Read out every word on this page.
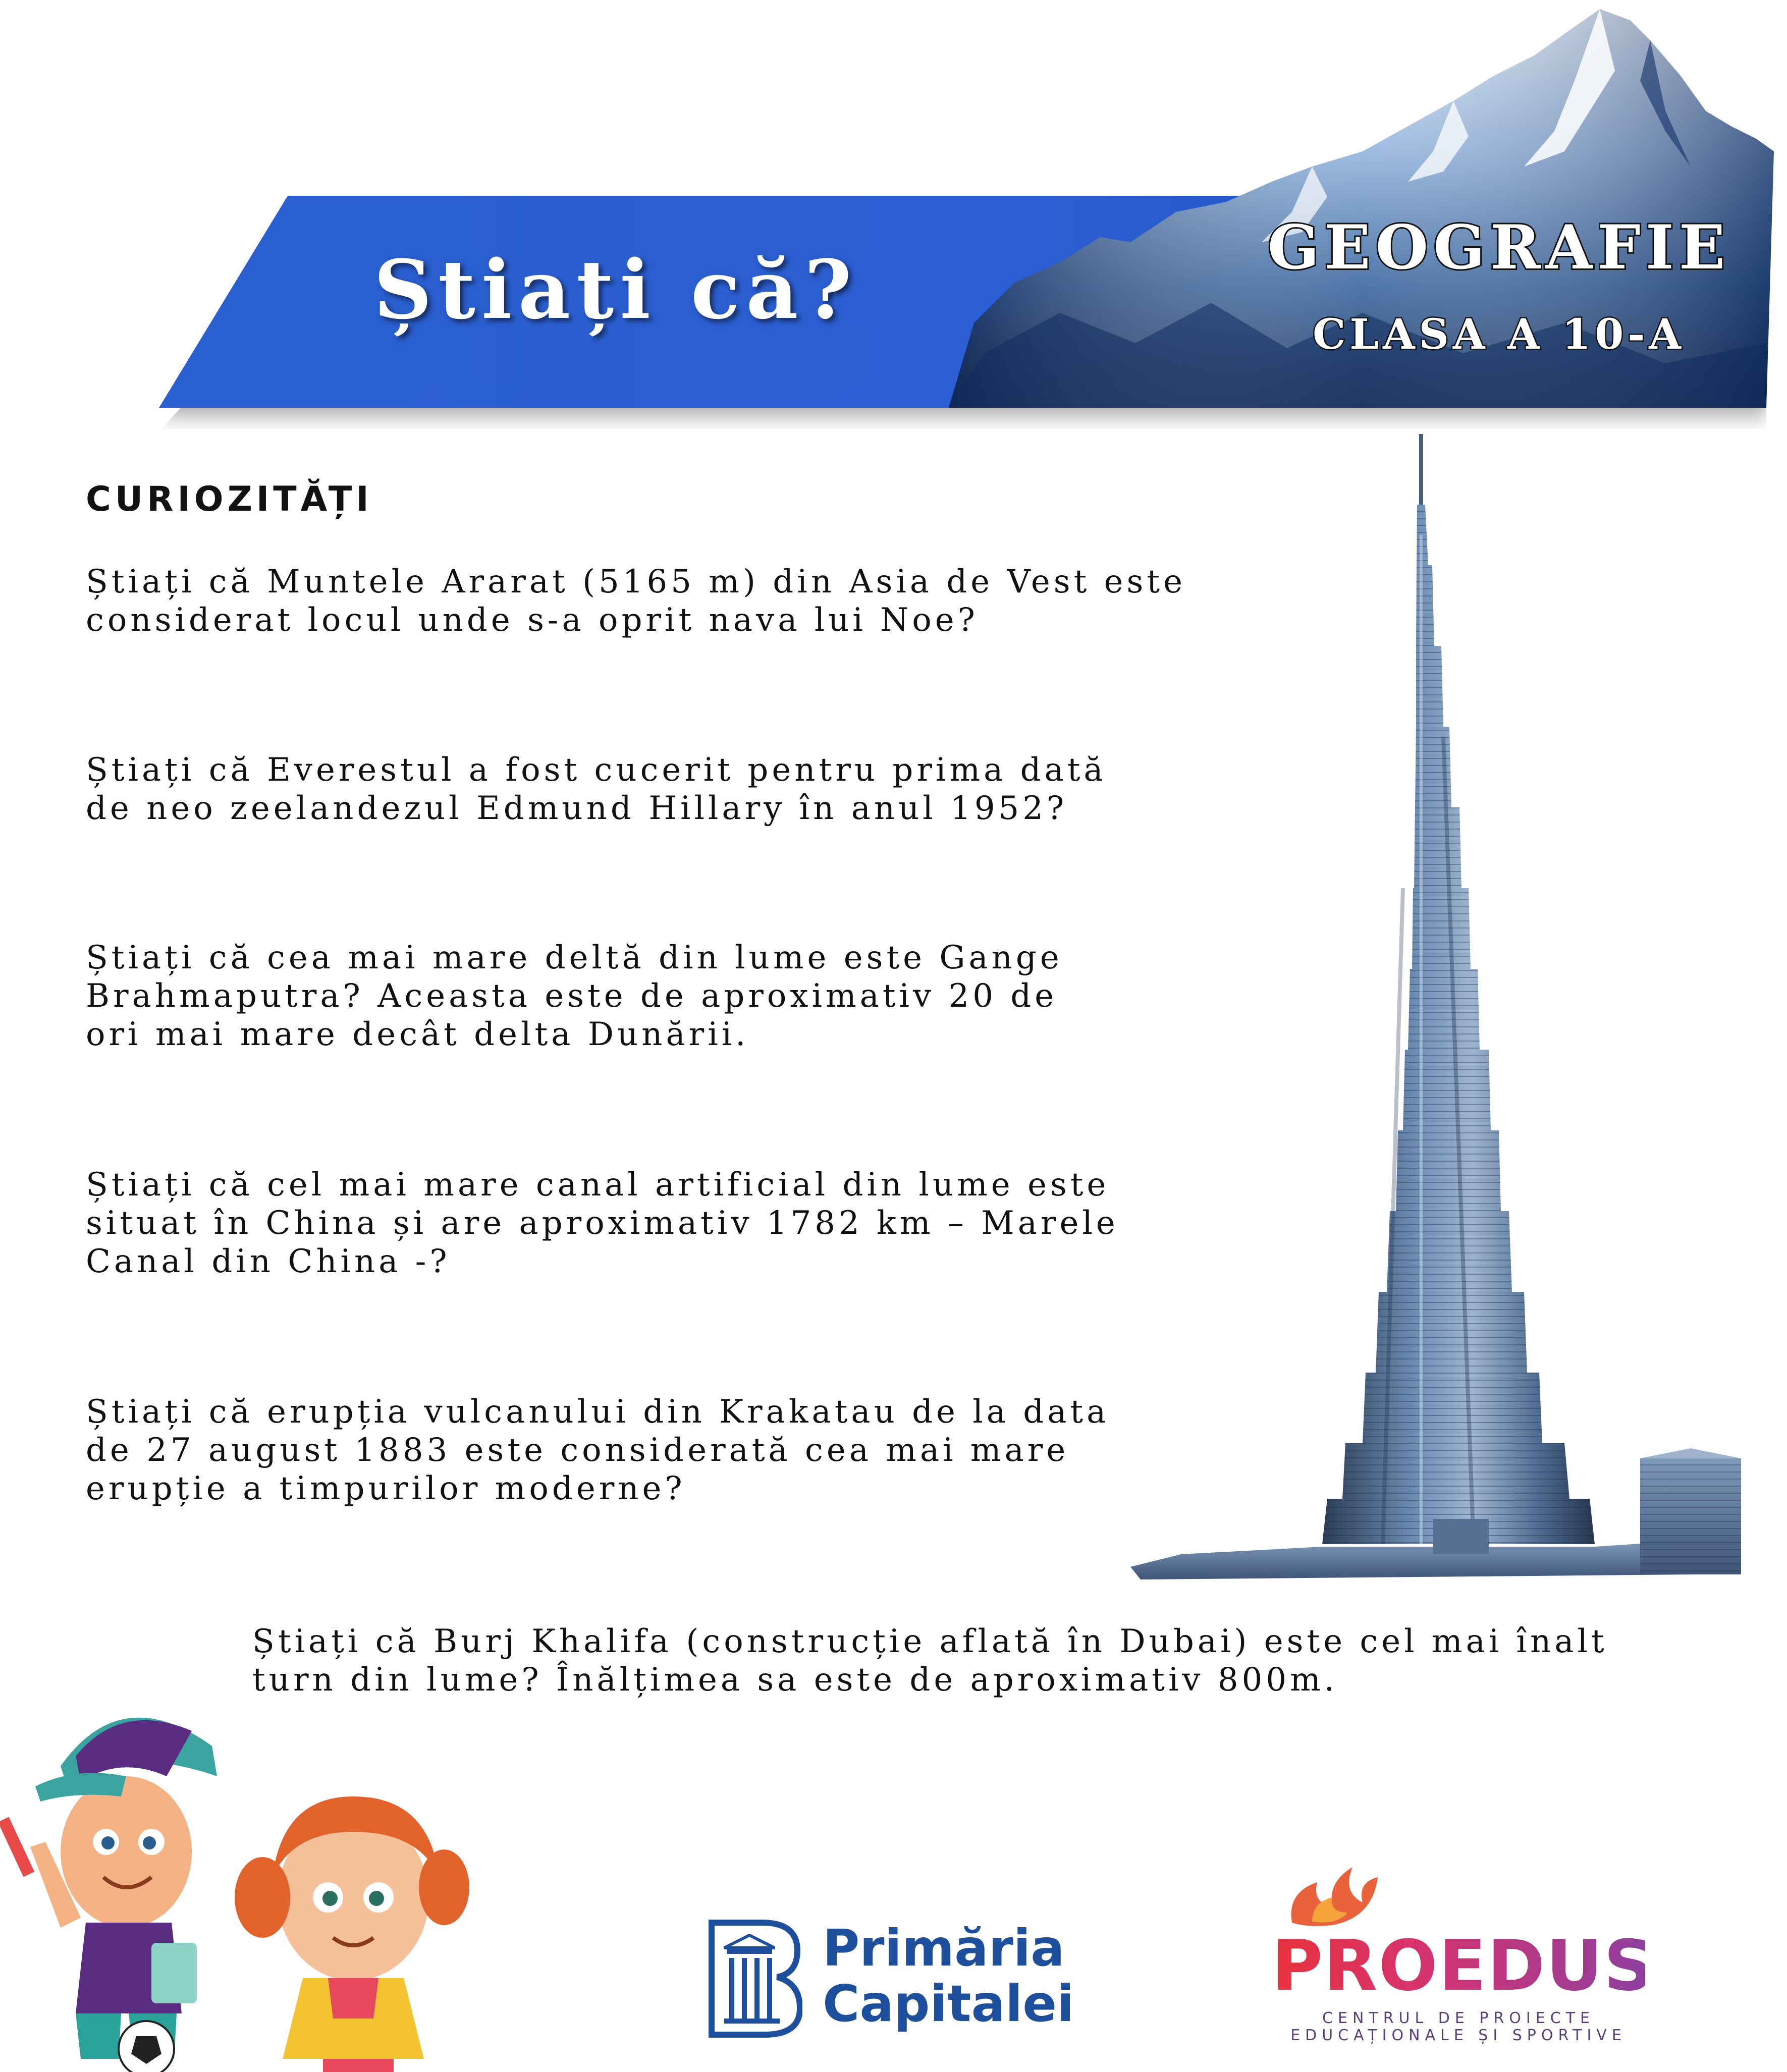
Știați că?	GEOGRAFIE
CLASA A 10-A
CURIOZITĂȚI
Știați că Muntele Ararat (5165 m) din Asia de Vest este
considerat locul unde s-a oprit nava lui Noe?
Știați că Everestul a fost cucerit pentru prima dată
de neo zeelandezul Edmund Hillary în anul 1952?
Știați că cea mai mare deltă din lume este Gange
Brahmaputra? Aceasta este de aproximativ 20 de
ori mai mare decât delta Dunării.
Știați că cel mai mare canal artificial din lume este
situat în China și are aproximativ 1782 km – Marele
Canal din China -?
Știați că erupția vulcanului din Krakatau de la data
de 27 august 1883 este considerată cea mai mare
erupție a timpurilor moderne?
Știați că Burj Khalifa (construcție aflată în Dubai) este cel mai înalt
turn din lume? Înălțimea sa este de aproximativ 800m.
Primăria
Capitalei	PROEDUS
CENTRUL DE PROIECTE
EDUCAȚIONALE ȘI SPORTIVE
